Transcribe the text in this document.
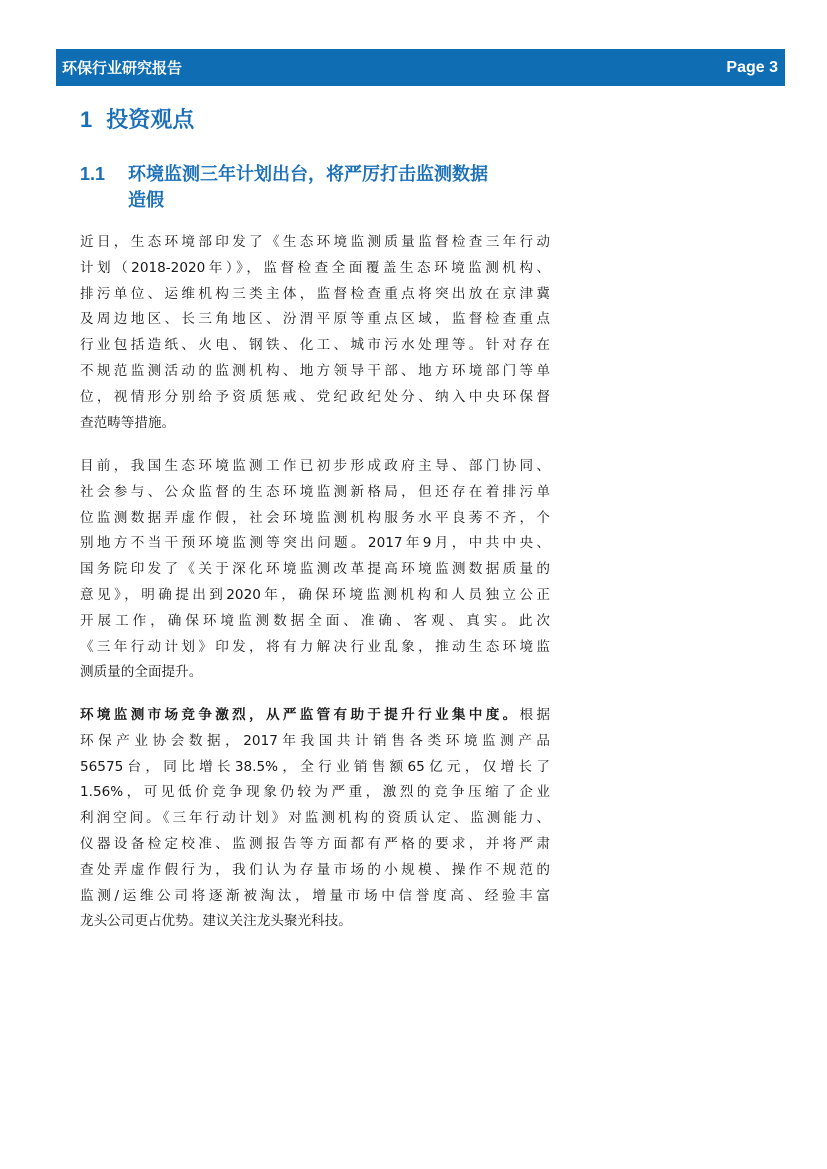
环保行业研究报告	Page 3
1 投资观点
1.1 环境监测三年计划出台，将严厉打击监测数据
造假
近日，生态环境部印发了《生态环境监测质量监督检查三年行动
计划（2018-2020年）》，监督检查全面覆盖生态环境监测机构、
排污单位、运维机构三类主体，监督检查重点将突出放在京津冀
及周边地区、长三角地区、汾渭平原等重点区域，监督检查重点
行业包括造纸、火电、钢铁、化工、城市污水处理等。针对存在
不规范监测活动的监测机构、地方领导干部、地方环境部门等单
位，视情形分别给予资质惩戒、党纪政纪处分、纳入中央环保督
查范畴等措施。
目前，我国生态环境监测工作已初步形成政府主导、部门协同、
社会参与、公众监督的生态环境监测新格局，但还存在着排污单
位监测数据弄虚作假，社会环境监测机构服务水平良莠不齐，个
别地方不当干预环境监测等突出问题。2017年9月，中共中央、
国务院印发了《关于深化环境监测改革提高环境监测数据质量的
意见》，明确提出到2020年，确保环境监测机构和人员独立公正
开展工作，确保环境监测数据全面、准确、客观、真实。此次
《三年行动计划》印发，将有力解决行业乱象，推动生态环境监
测质量的全面提升。
环境监测市场竞争激烈，从严监管有助于提升行业集中度。根据
环保产业协会数据，2017年我国共计销售各类环境监测产品
56575台，同比增长38.5%，全行业销售额65亿元，仅增长了
1.56%，可见低价竞争现象仍较为严重，激烈的竞争压缩了企业
利润空间。《三年行动计划》对监测机构的资质认定、监测能力、
仪器设备检定校准、监测报告等方面都有严格的要求，并将严肃
查处弄虚作假行为，我们认为存量市场的小规模、操作不规范的
监测/运维公司将逐渐被淘汰，增量市场中信誉度高、经验丰富
龙头公司更占优势。建议关注龙头聚光科技。
